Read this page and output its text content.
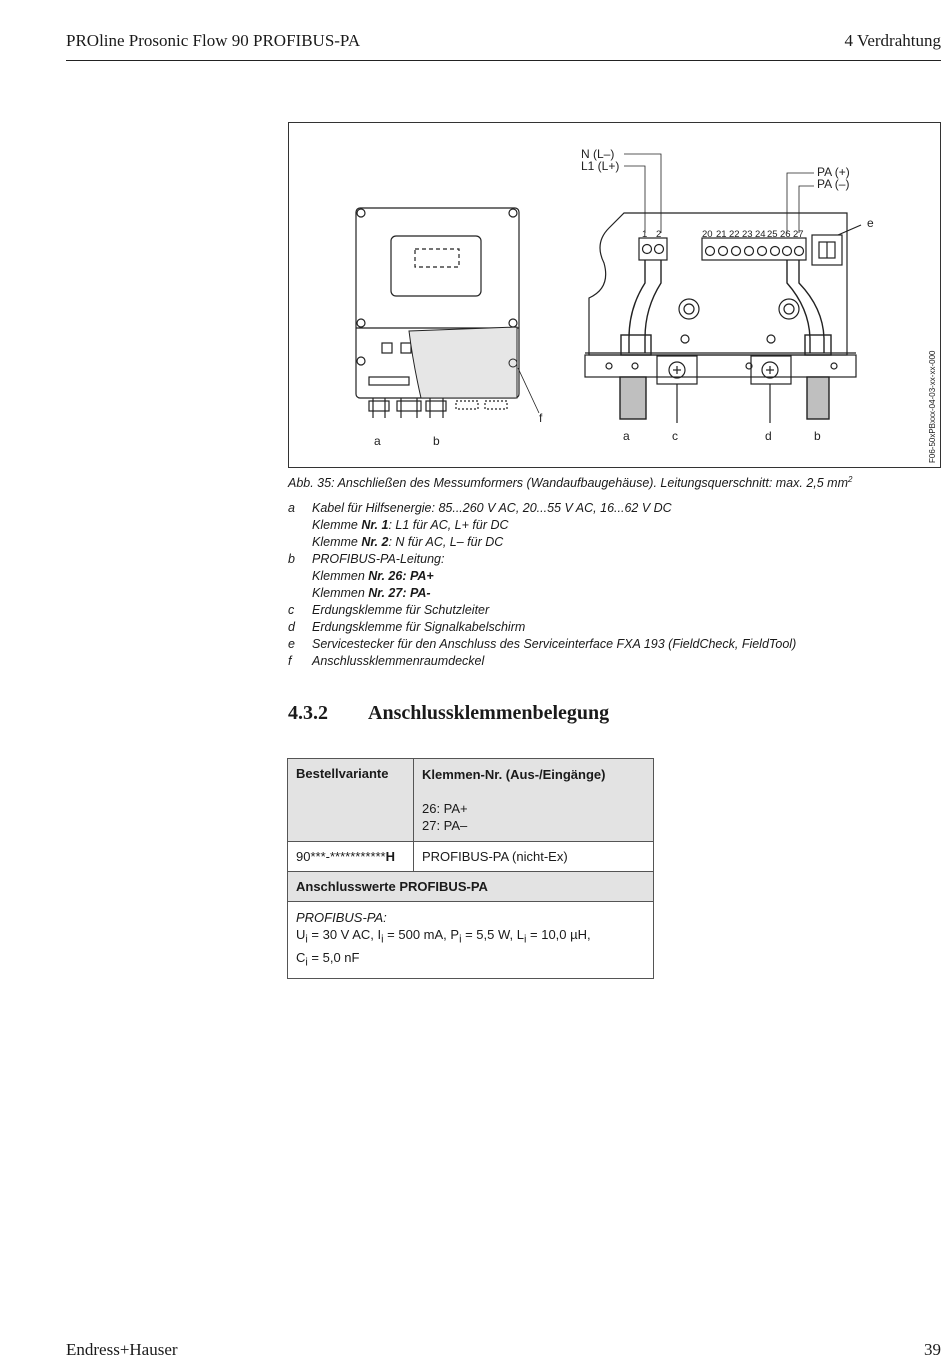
PROline Prosonic Flow 90 PROFIBUS-PA	4 Verdrahtung
N (L–)
L1 (L+)	PA (+)
PA (–)
e
f
a	b	a	c	d	b
1 2	20 21 22 23 24 25 26 27
F06-50xPBxxx-04-03-xx-xx-000
Abb. 35: Anschließen des Messumformers (Wandaufbaugehäuse). Leitungsquerschnitt: max. 2,5 $mm^2$
a	Kabel für Hilfsenergie: 85...260 V AC, 20...55 V AC, 16...62 V DC
Klemme Nr. 1: L1 für AC, L+ für DC
Klemme Nr. 2: N für AC, L– für DC
b	PROFIBUS-PA-Leitung:
Klemmen Nr. 26: PA+
Klemmen Nr. 27: PA-
c	Erdungsklemme für Schutzleiter
d	Erdungsklemme für Signalkabelschirm
e	Servicestecker für den Anschluss des Serviceinterface FXA 193 (FieldCheck, FieldTool)
f	Anschlussklemmenraumdeckel
4.3.2 Anschlussklemmenbelegung
Bestellvariante	Klemmen-Nr. (Aus-/Eingänge)
26: PA+
27: PA–

90***-***********H	PROFIBUS-PA (nicht-Ex)
Anschlusswerte PROFIBUS-PA	

PROFIBUS-PA:
$U_i = 30$ V AC, $I_i = 500$ mA, $P_i = 5,5$ W, $L_i = 10,0$ µH,
$C_i = 5,0$ nF	
Endress+Hauser	39
